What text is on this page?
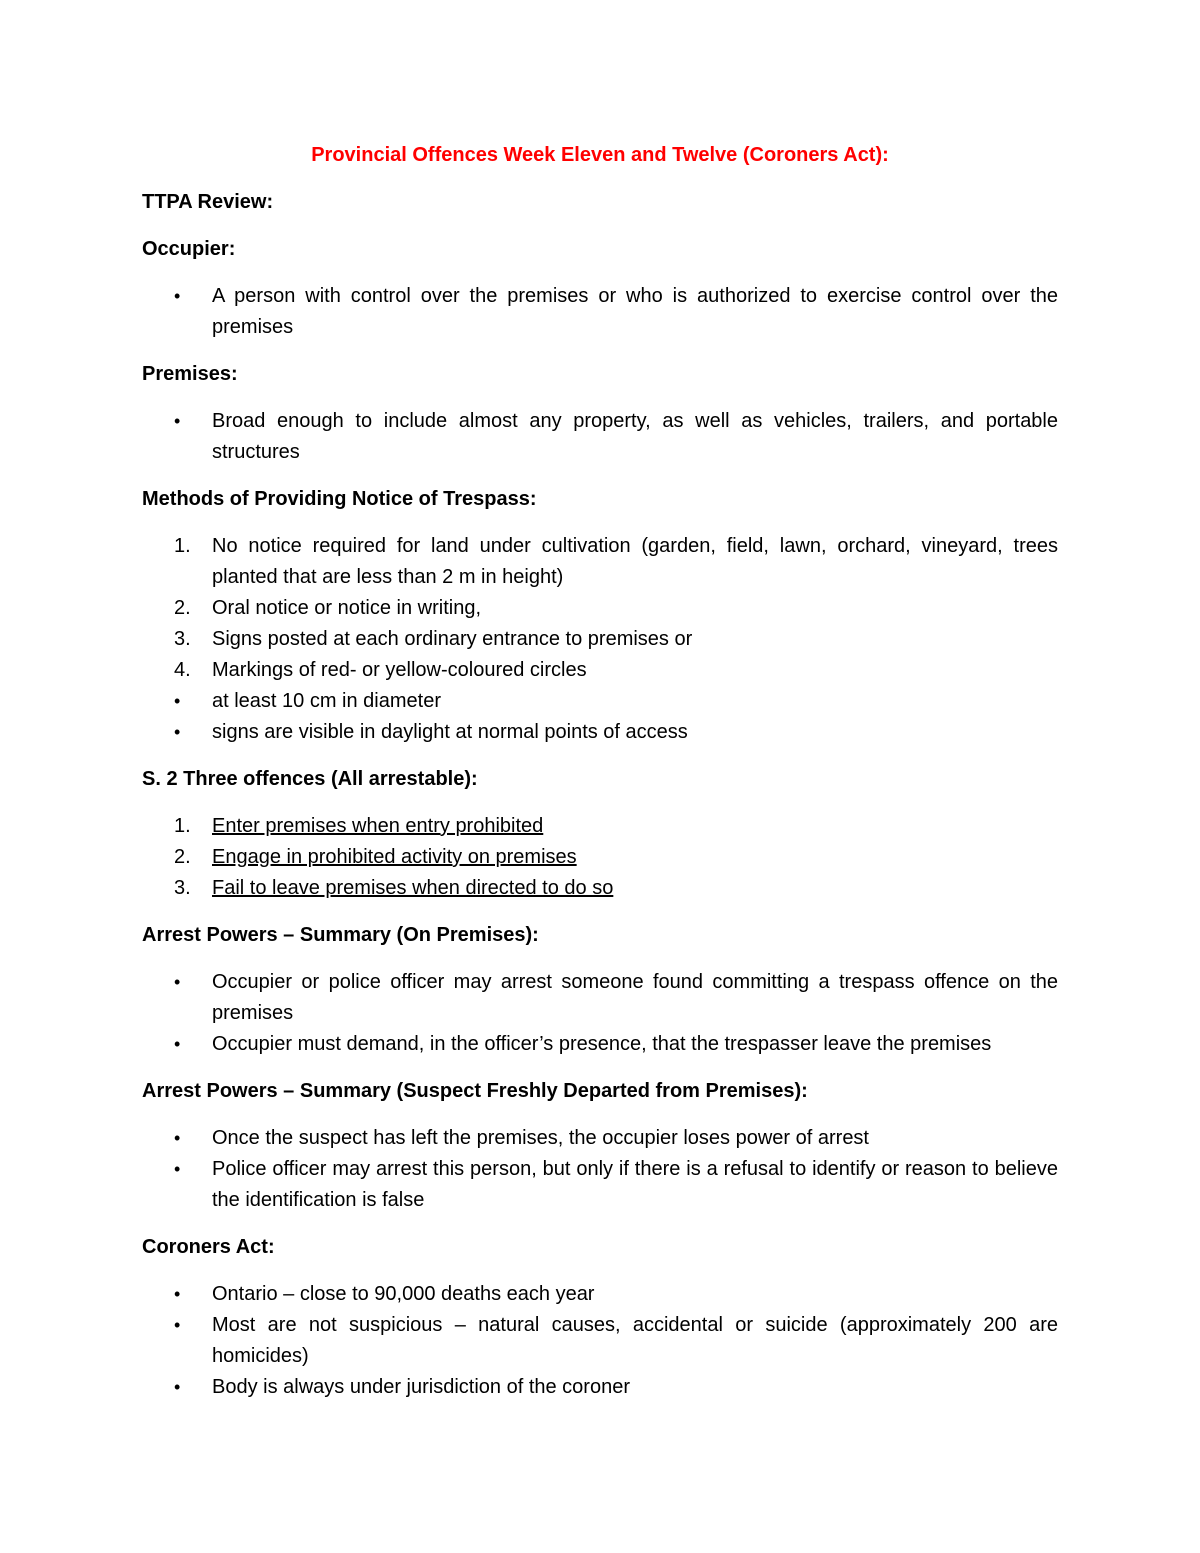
Provincial Offences Week Eleven and Twelve (Coroners Act):
TTPA Review:
Occupier:
•	A person with control over the premises or who is authorized to exercise control over the premises
Premises:
•	Broad enough to include almost any property, as well as vehicles, trailers, and portable structures
Methods of Providing Notice of Trespass:
1.	No notice required for land under cultivation (garden, field, lawn, orchard, vineyard, trees planted that are less than 2 m in height)
2.	Oral notice or notice in writing,
3.	Signs posted at each ordinary entrance to premises or
4.	Markings of red- or yellow-coloured circles
•	at least 10 cm in diameter
•	signs are visible in daylight at normal points of access
S. 2 Three offences (All arrestable):
1.	Enter premises when entry prohibited
2.	Engage in prohibited activity on premises
3.	Fail to leave premises when directed to do so
Arrest Powers – Summary (On Premises):
•	Occupier or police officer may arrest someone found committing a trespass offence on the premises
•	Occupier must demand, in the officer’s presence, that the trespasser leave the premises
Arrest Powers – Summary (Suspect Freshly Departed from Premises):
•	Once the suspect has left the premises, the occupier loses power of arrest
•	Police officer may arrest this person, but only if there is a refusal to identify or reason to believe the identification is false
Coroners Act:
•	Ontario – close to 90,000 deaths each year
•	Most are not suspicious – natural causes, accidental or suicide (approximately 200 are homicides)
•	Body is always under jurisdiction of the coroner
